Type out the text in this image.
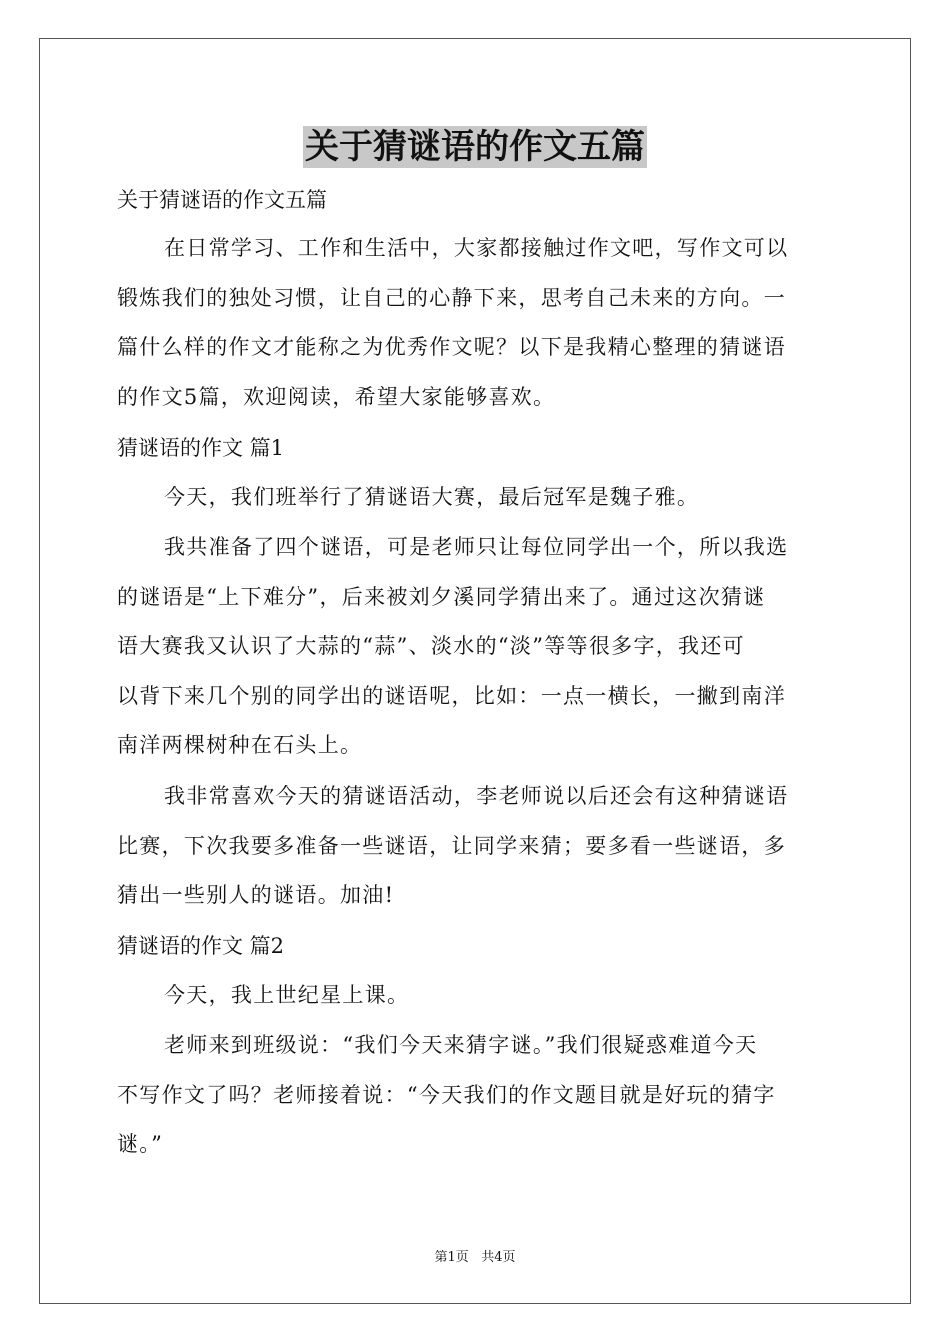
关于猜谜语的作文五篇
关于猜谜语的作文五篇
在日常学习、工作和生活中，大家都接触过作文吧，写作文可以
锻炼我们的独处习惯，让自己的心静下来，思考自己未来的方向。一
篇什么样的作文才能称之为优秀作文呢？以下是我精心整理的猜谜语
的作文5篇，欢迎阅读，希望大家能够喜欢。
猜谜语的作文 篇1
今天，我们班举行了猜谜语大赛，最后冠军是魏子雅。
我共准备了四个谜语，可是老师只让每位同学出一个，所以我选
的谜语是“上下难分”，后来被刘夕溪同学猜出来了。通过这次猜谜
语大赛我又认识了大蒜的“蒜”、淡水的“淡”等等很多字，我还可
以背下来几个别的同学出的谜语呢，比如：一点一横长，一撇到南洋
南洋两棵树种在石头上。
我非常喜欢今天的猜谜语活动，李老师说以后还会有这种猜谜语
比赛，下次我要多准备一些谜语，让同学来猜；要多看一些谜语，多
猜出一些别人的谜语。加油!
猜谜语的作文 篇2
今天，我上世纪星上课。
老师来到班级说：“我们今天来猜字谜。”我们很疑惑难道今天
不写作文了吗？老师接着说：“今天我们的作文题目就是好玩的猜字
谜。”
第1页 共4页
